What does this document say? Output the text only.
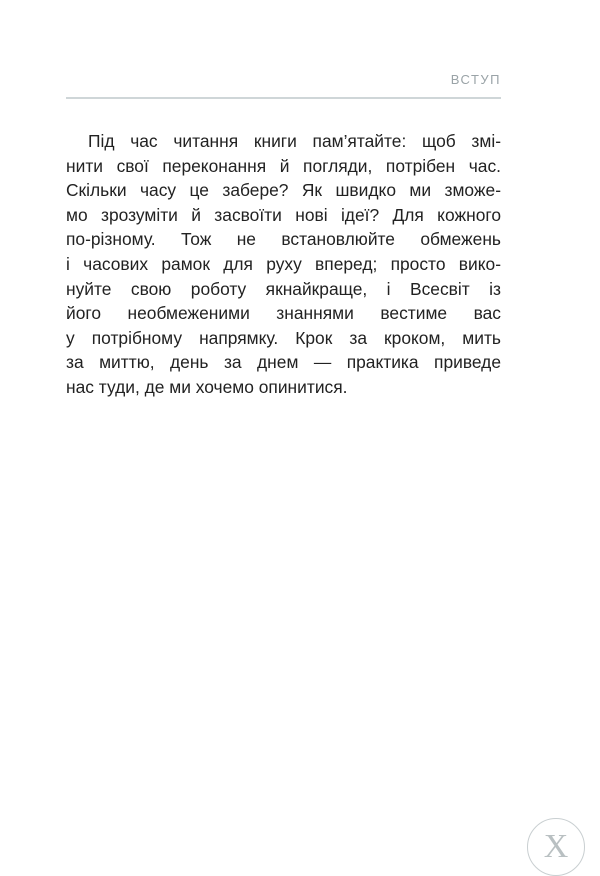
ВСТУП

Під час читання книги пам’ятайте: щоб змі-
нити свої переконання й погляди, потрібен час.
Скільки часу це забере? Як швидко ми зможе-
мо зрозуміти й засвоїти нові ідеї? Для кожного
по-різному. Тож не встановлюйте обмежень
і часових рамок для руху вперед; просто вико-
нуйте свою роботу якнайкраще, і Всесвіт із
його необмеженими знаннями вестиме вас
у потрібному напрямку. Крок за кроком, мить
за миттю, день за днем — практика приведе
нас туди, де ми хочемо опинитися.

X
